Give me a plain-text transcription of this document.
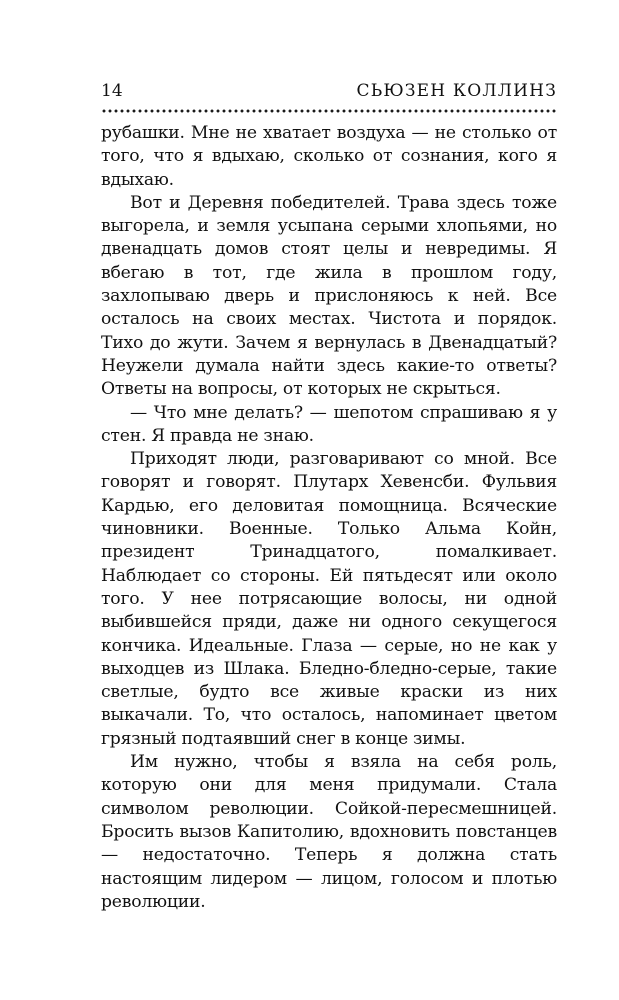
14	СЬЮЗЕН КОЛЛИНЗ

рубашки. Мне не хватает воздуха — не столько от того, что я вдыхаю, сколько от сознания, кого я вдыхаю.

Вот и Деревня победителей. Трава здесь тоже выгорела, и земля усыпана серыми хлопьями, но двенадцать домов стоят целы и невредимы. Я вбегаю в тот, где жила в прошлом году, захлопываю дверь и прислоняюсь к ней. Все осталось на своих местах. Чистота и порядок. Тихо до жути. Зачем я вернулась в Двенадцатый? Неужели думала найти здесь какие-то ответы? Ответы на вопросы, от которых не скрыться.

— Что мне делать? — шепотом спрашиваю я у стен. Я правда не знаю.

Приходят люди, разговаривают со мной. Все говорят и говорят. Плутарх Хевенсби. Фульвия Кардью, его деловитая помощница. Всяческие чиновники. Военные. Только Альма Койн, президент Тринадцатого, помалкивает. Наблюдает со стороны. Ей пятьдесят или около того. У нее потрясающие волосы, ни одной выбившейся пряди, даже ни одного секущегося кончика. Идеальные. Глаза — серые, но не как у выходцев из Шлака. Бледно-бледно-серые, такие светлые, будто все живые краски из них выкачали. То, что осталось, напоминает цветом грязный подтаявший снег в конце зимы.

Им нужно, чтобы я взяла на себя роль, которую они для меня придумали. Стала символом революции. Сойкой-пересмешницей. Бросить вызов Капитолию, вдохновить повстанцев — недостаточно. Теперь я должна стать настоящим лидером — лицом, голосом и плотью революции.
